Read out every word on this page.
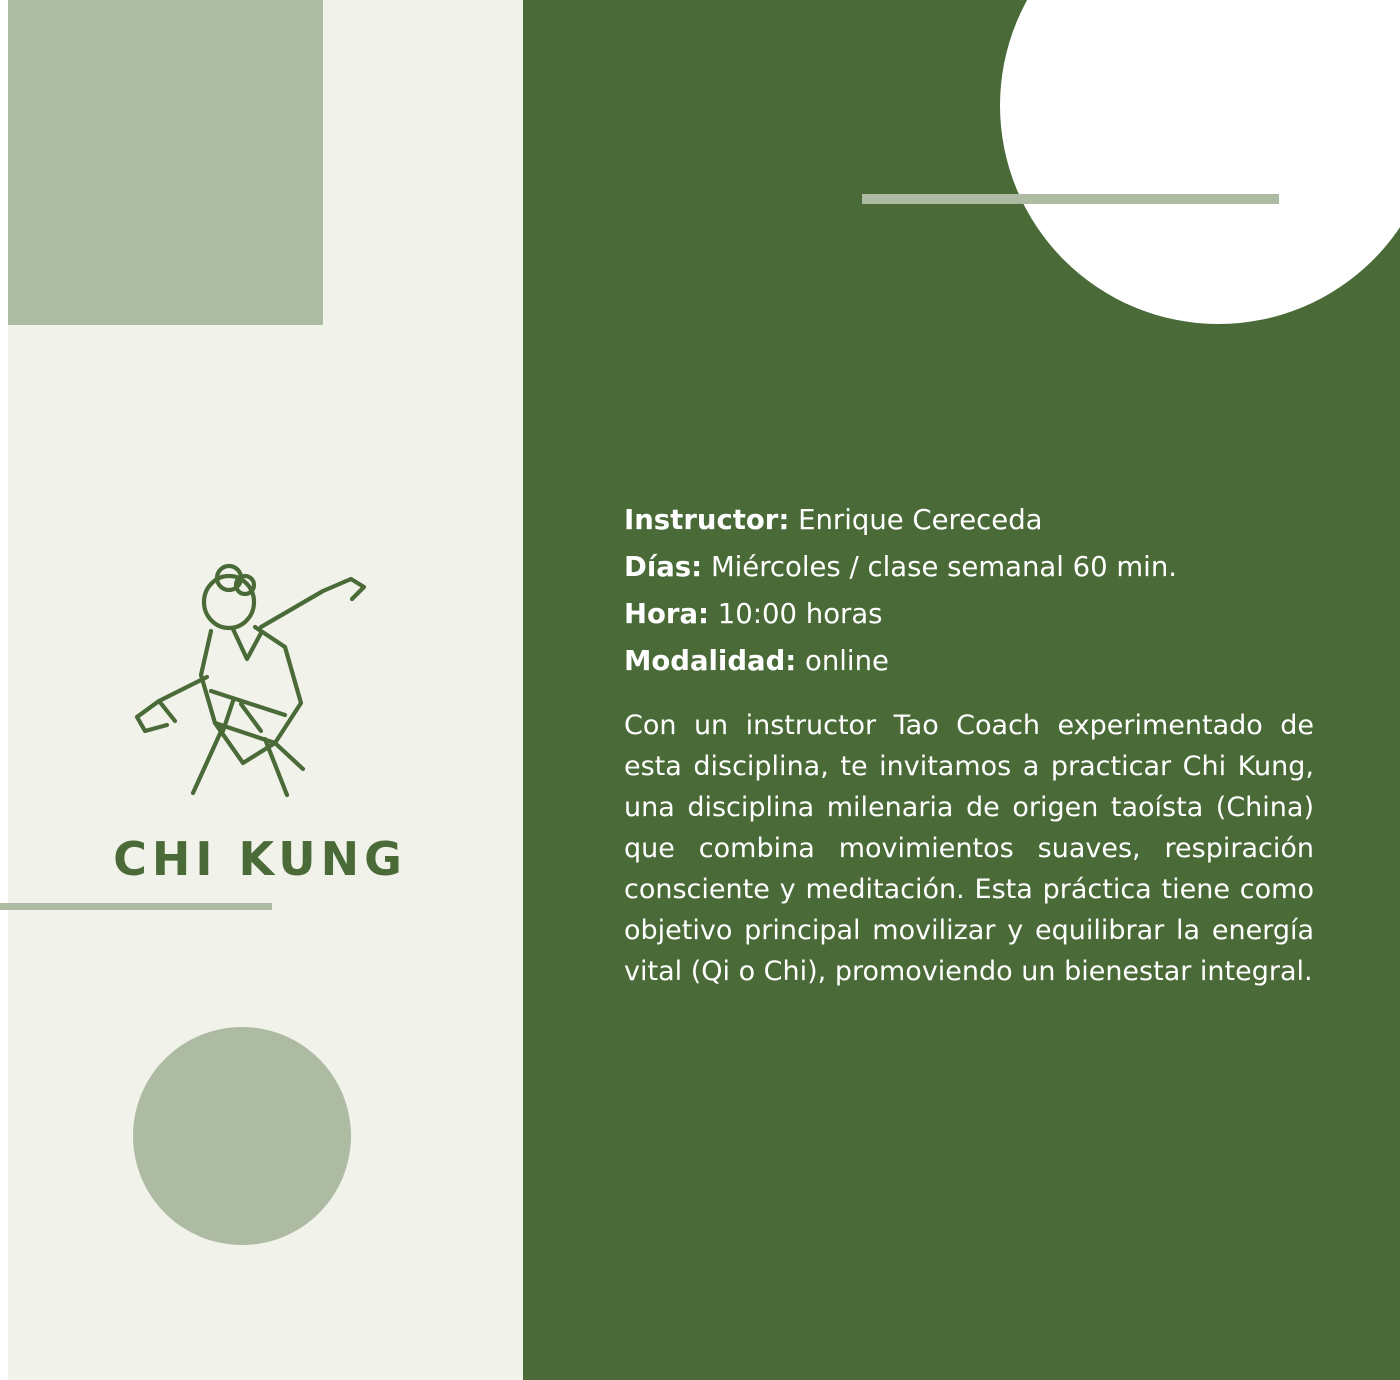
CHI KUNG
Instructor: Enrique Cereceda
Días: Miércoles / clase semanal 60 min.
Hora: 10:00 horas
Modalidad: online

Con un instructor Tao Coach experimentado de esta disciplina, te invitamos a practicar Chi Kung, una disciplina milenaria de origen taoísta (China) que combina movimientos suaves, respiración consciente y meditación. Esta práctica tiene como objetivo principal movilizar y equilibrar la energía vital (Qi o Chi), promoviendo un bienestar integral.
